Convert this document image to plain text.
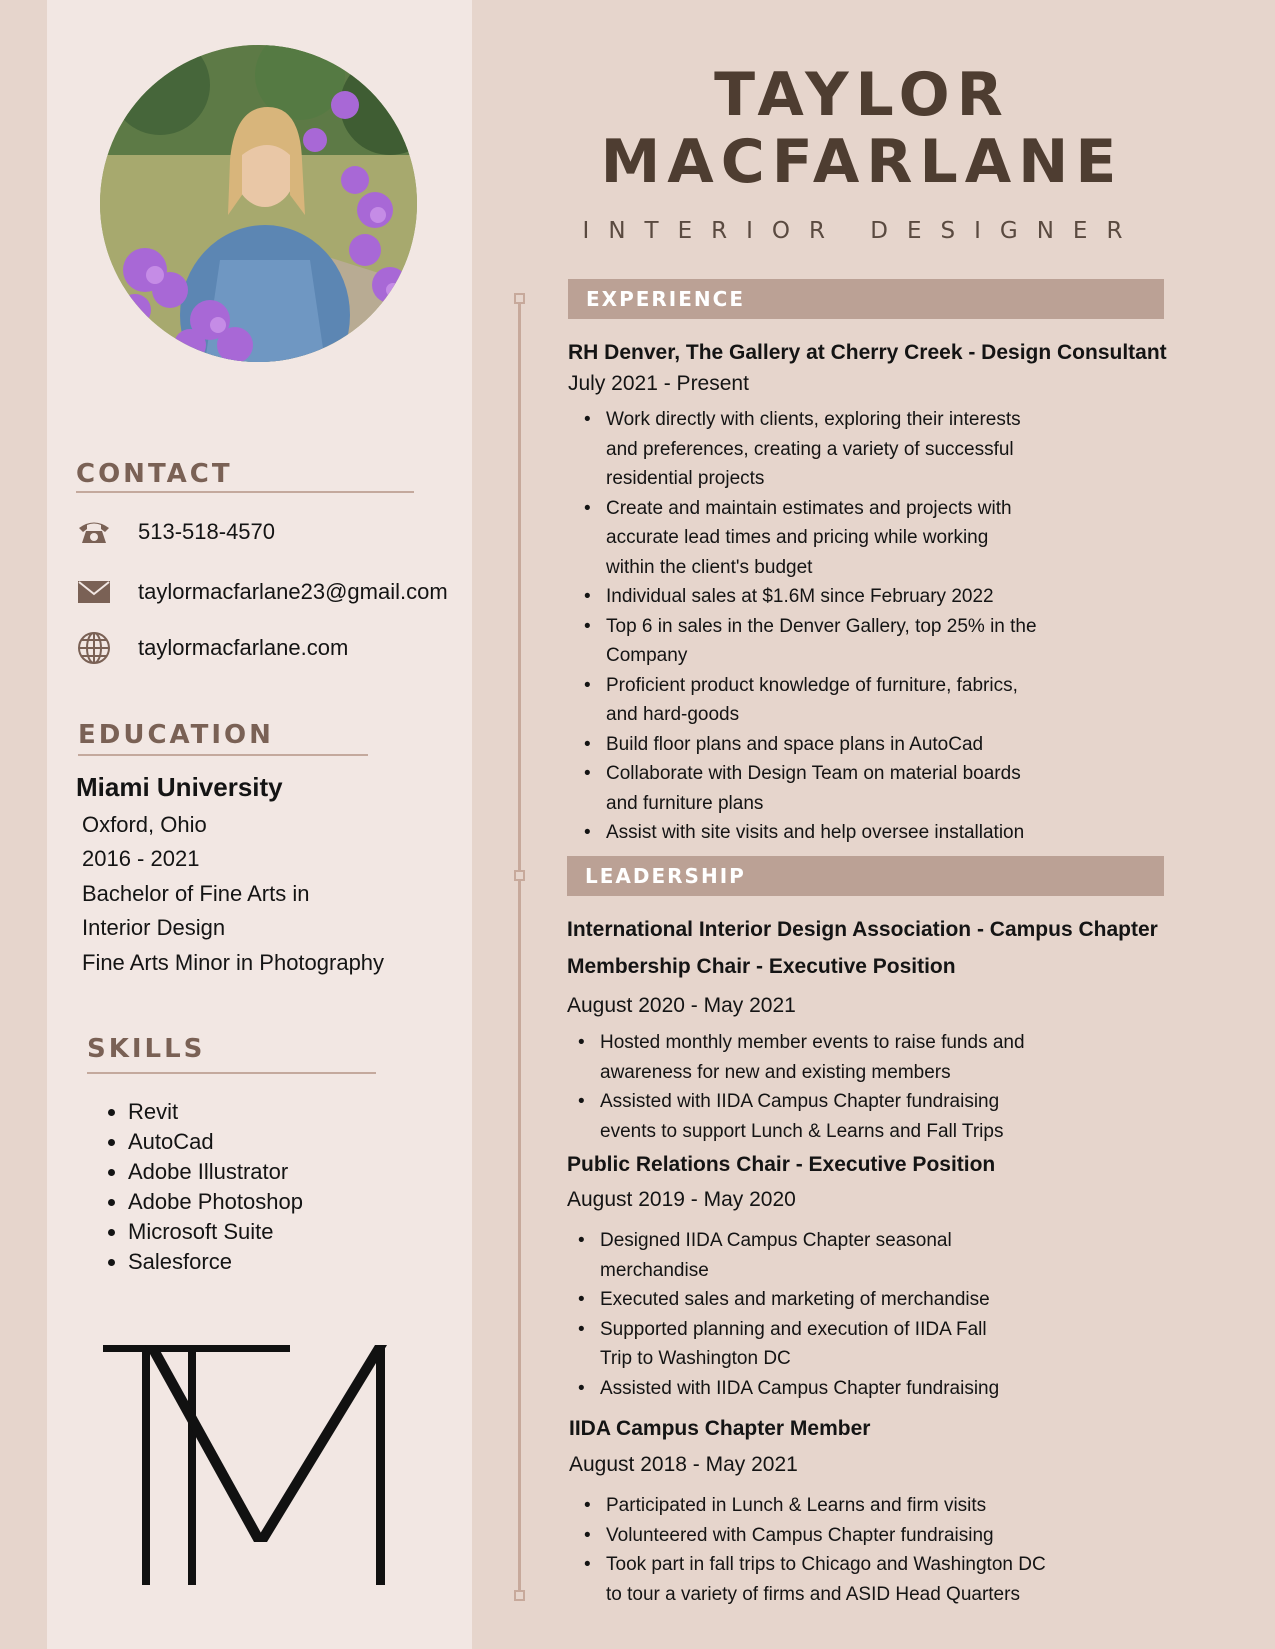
CONTACT
513-518-4570
taylormacfarlane23@gmail.com
taylormacfarlane.com
EDUCATION

Miami University

Oxford, Ohio

2016 - 2021

Bachelor of Fine Arts in

Interior Design

Fine Arts Minor in Photography

SKILLS
• Revit
• AutoCad
• Adobe Illustrator
• Adobe Photoshop
• Microsoft Suite
• Salesforce
TAYLOR
MACFARLANE

INTERIOR DESIGNER

EXPERIENCE

RH Denver, The Gallery at Cherry Creek - Design Consultant

July 2021 - Present

• Work directly with clients, exploring their interests
and preferences, creating a variety of successful
residential projects
• Create and maintain estimates and projects with
accurate lead times and pricing while working
within the client's budget
• Individual sales at $1.6M since February 2022
• Top 6 in sales in the Denver Gallery, top 25% in the
Company
• Proficient product knowledge of furniture, fabrics,
and hard-goods
• Build floor plans and space plans in AutoCad
• Collaborate with Design Team on material boards
and furniture plans
• Assist with site visits and help oversee installation
LEADERSHIP

International Interior Design Association - Campus Chapter

Membership Chair - Executive Position

August 2020 - May 2021

• Hosted monthly member events to raise funds and
awareness for new and existing members
• Assisted with IIDA Campus Chapter fundraising
events to support Lunch & Learns and Fall Trips

Public Relations Chair - Executive Position

August 2019 - May 2020

• Designed IIDA Campus Chapter seasonal
merchandise
• Executed sales and marketing of merchandise
• Supported planning and execution of IIDA Fall
Trip to Washington DC
• Assisted with IIDA Campus Chapter fundraising

IIDA Campus Chapter Member

August 2018 - May 2021

• Participated in Lunch & Learns and firm visits
• Volunteered with Campus Chapter fundraising
• Took part in fall trips to Chicago and Washington DC
to tour a variety of firms and ASID Head Quarters
